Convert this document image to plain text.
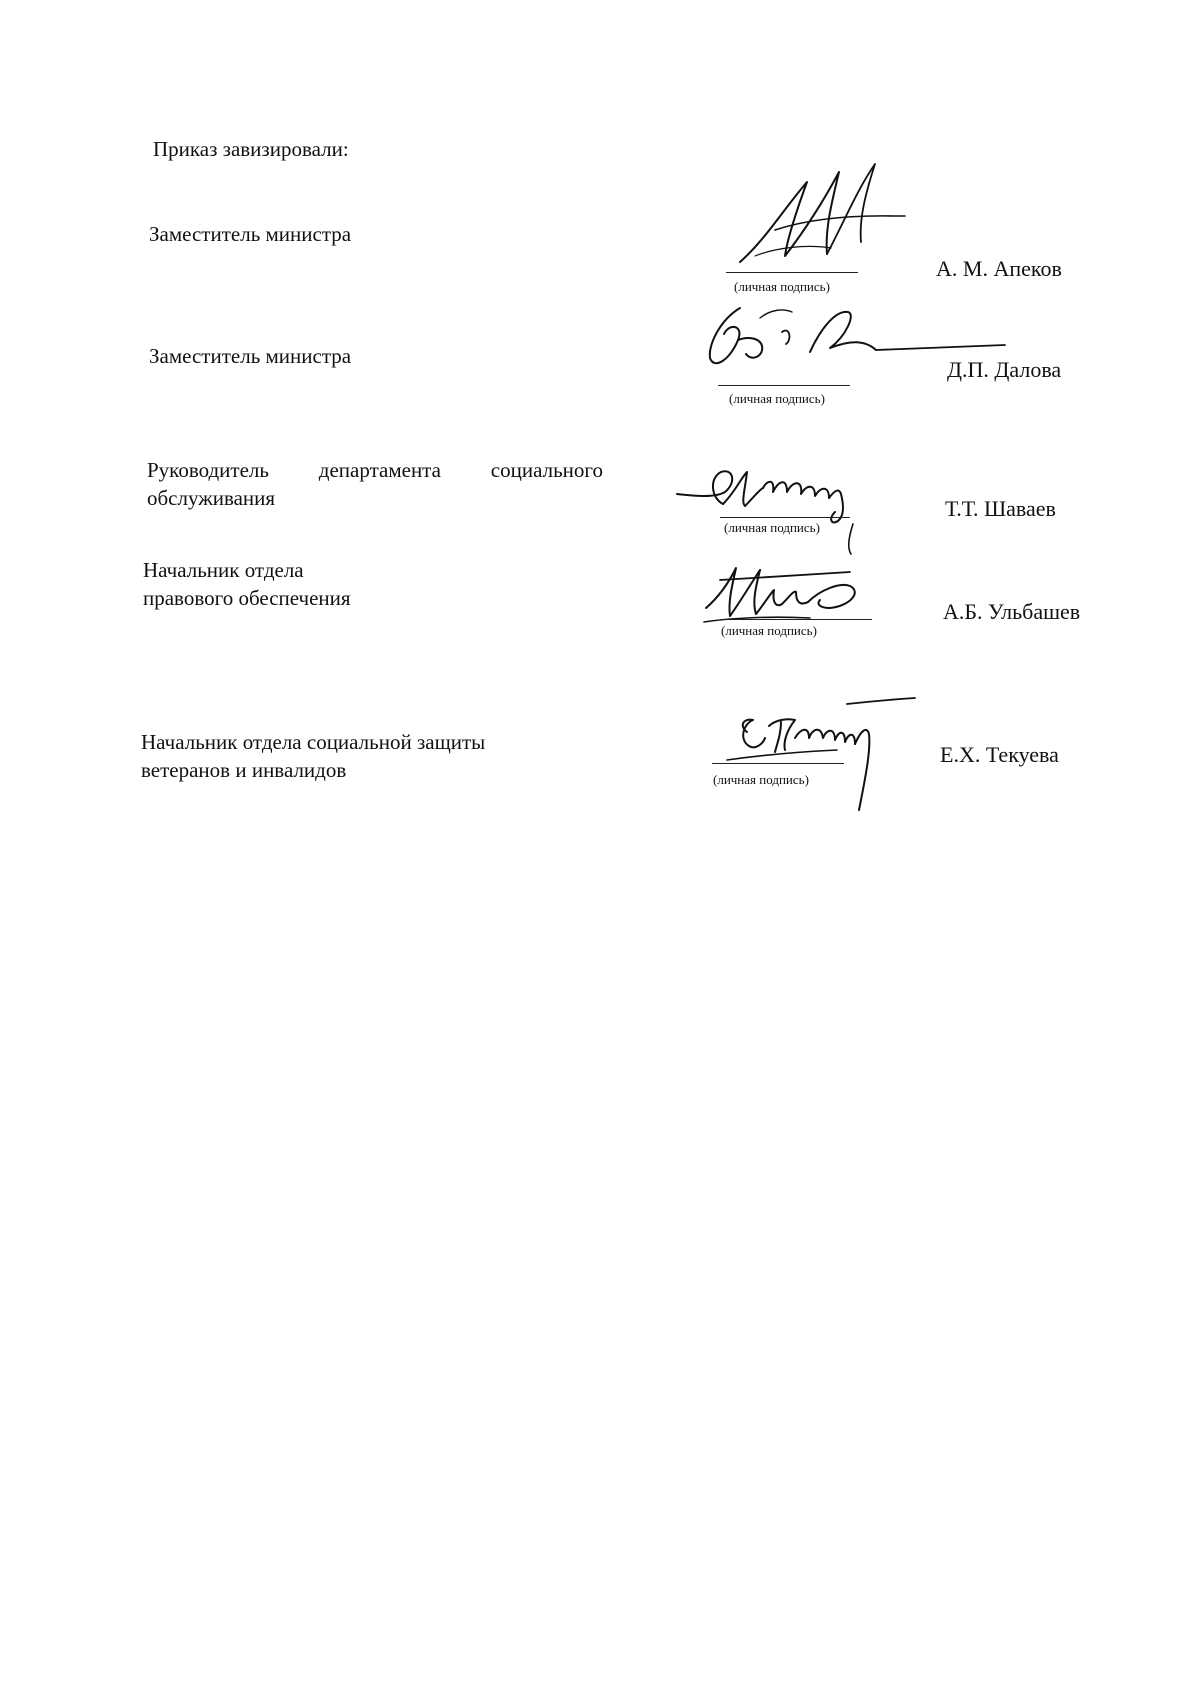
Приказ завизировали:
Заместитель министра
(личная подпись)
А. М. Апеков
Заместитель министра
(личная подпись)
Д.П. Далова
Руководитель департамента социального
обслуживания
(личная подпись)
Т.Т. Шаваев
Начальник отдела
правового обеспечения
(личная подпись)
А.Б. Ульбашев
Начальник отдела социальной защиты
ветеранов и инвалидов	(личная подпись)
Е.Х. Текуева
